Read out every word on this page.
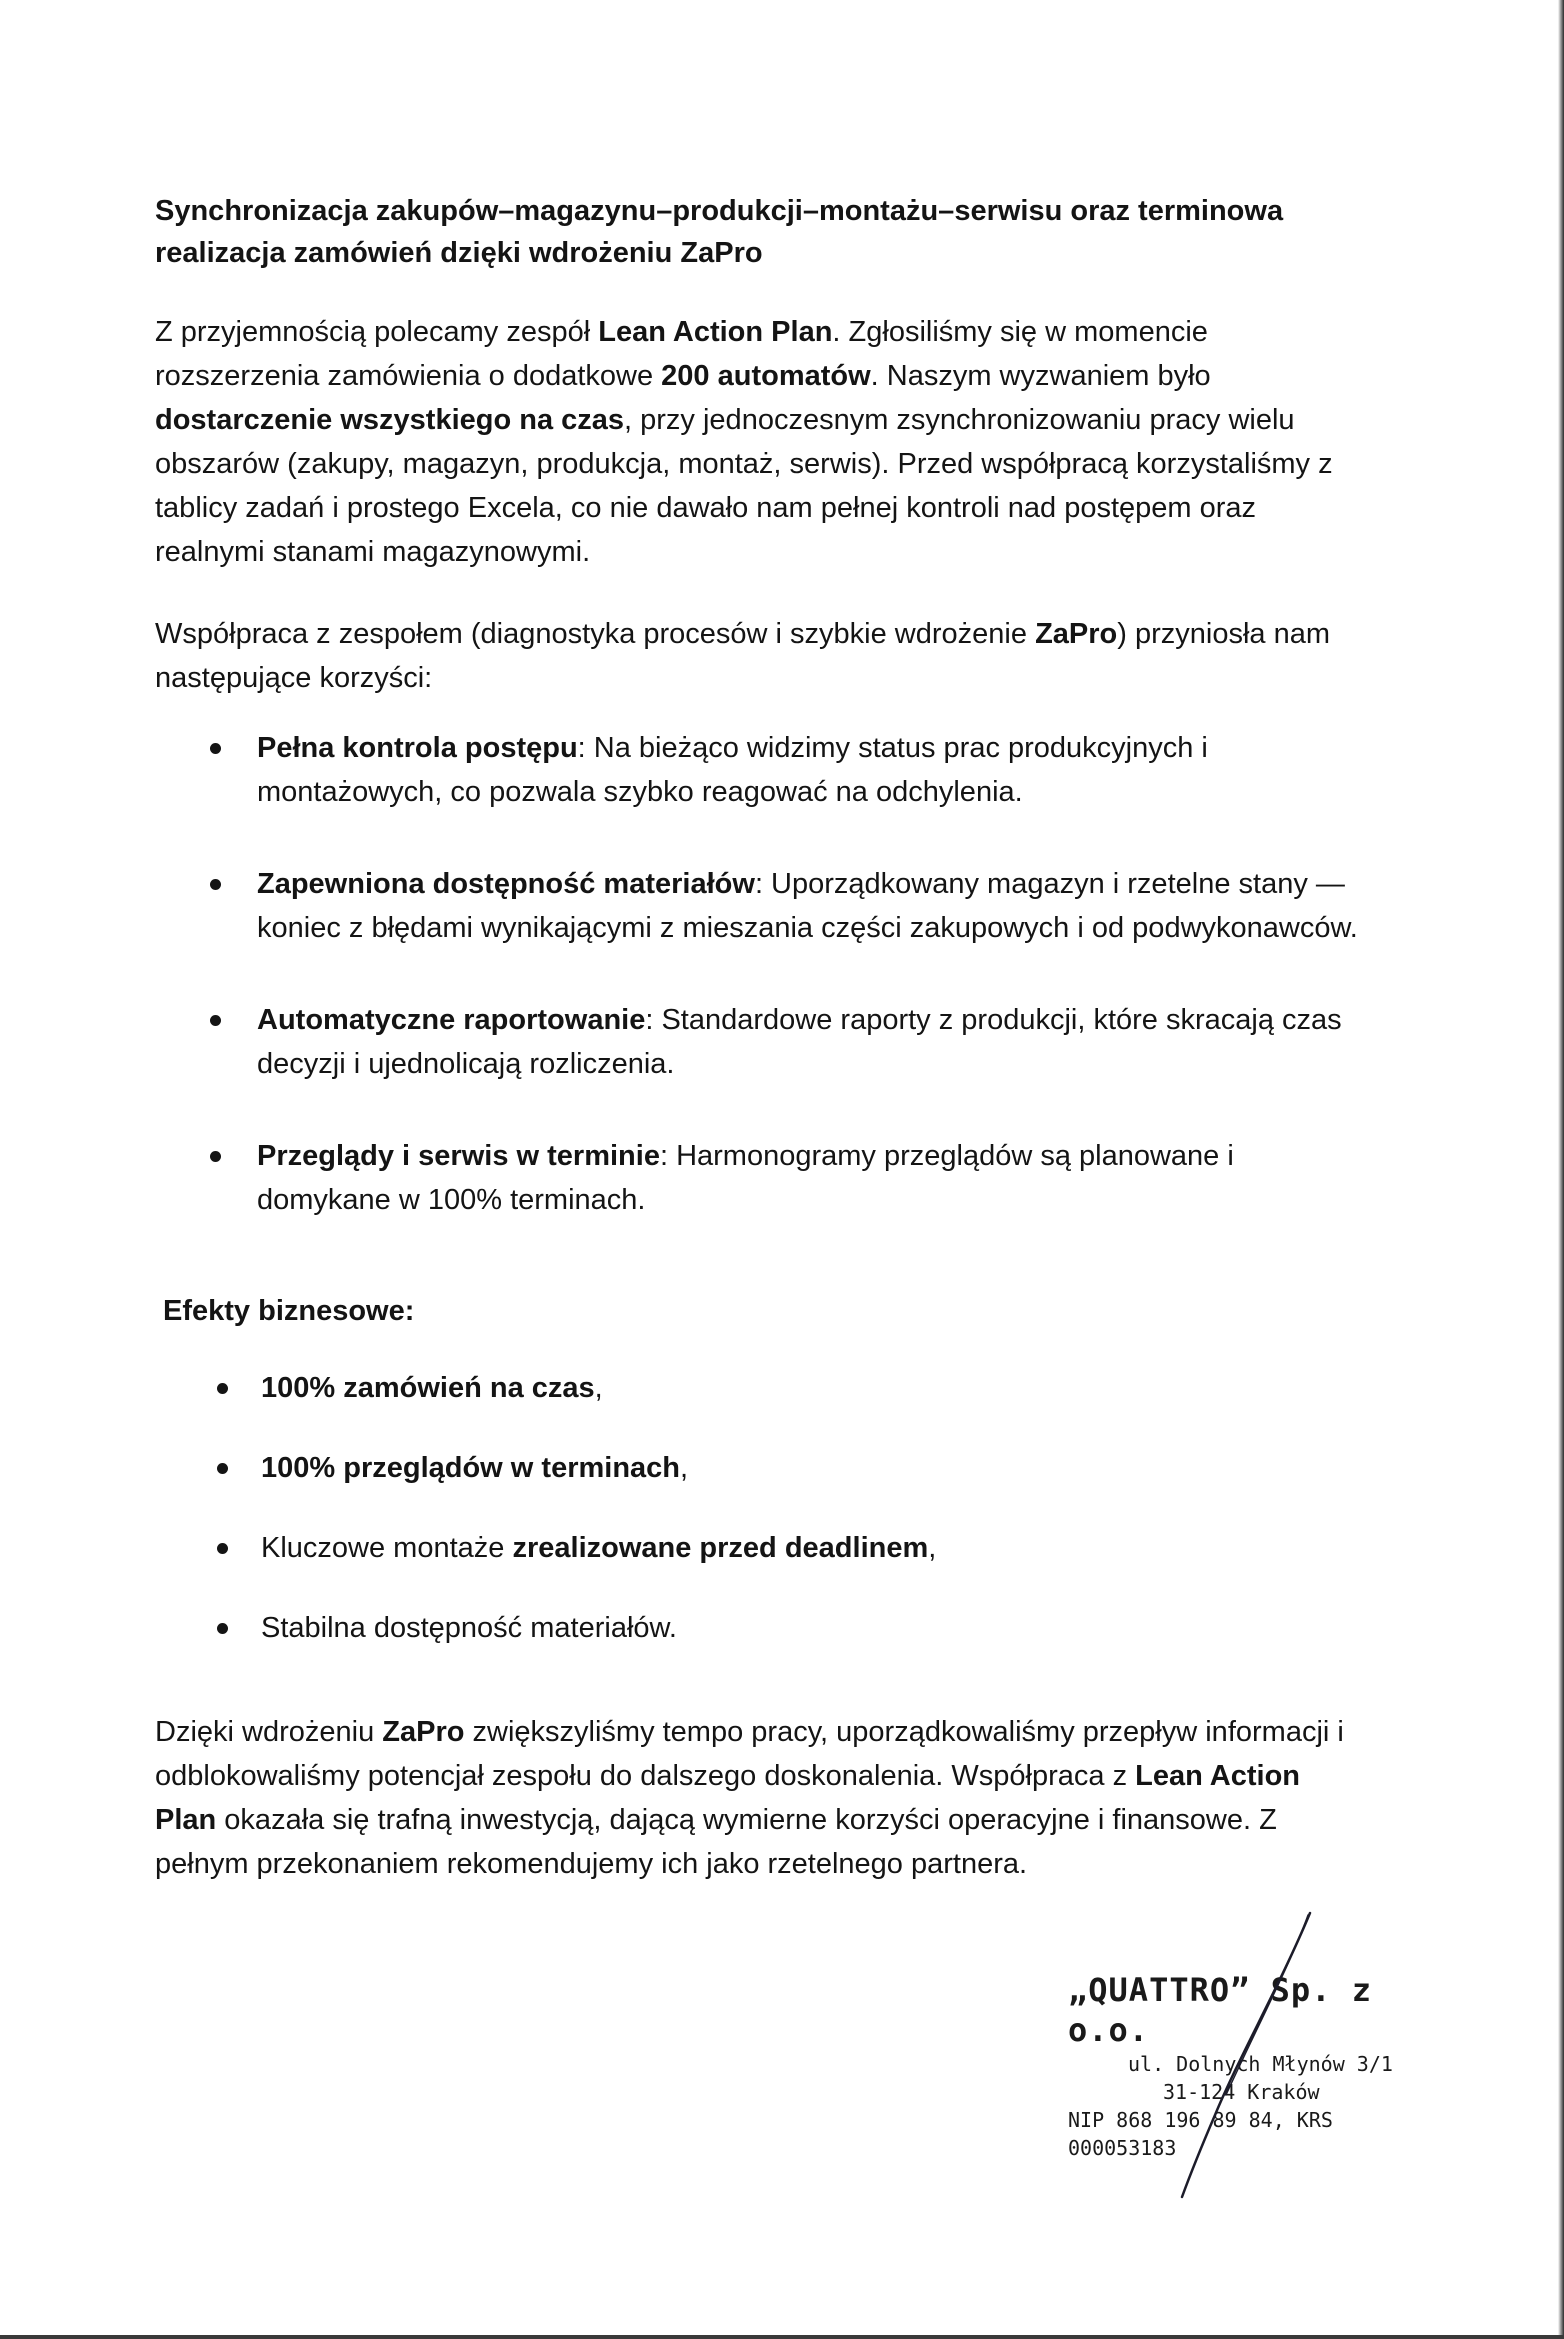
Synchronizacja zakupów–magazynu–produkcji–montażu–serwisu oraz terminowa realizacja zamówień dzięki wdrożeniu ZaPro

Z przyjemnością polecamy zespół Lean Action Plan. Zgłosiliśmy się w momencie rozszerzenia zamówienia o dodatkowe 200 automatów. Naszym wyzwaniem było dostarczenie wszystkiego na czas, przy jednoczesnym zsynchronizowaniu pracy wielu obszarów (zakupy, magazyn, produkcja, montaż, serwis). Przed współpracą korzystaliśmy z tablicy zadań i prostego Excela, co nie dawało nam pełnej kontroli nad postępem oraz realnymi stanami magazynowymi.

Współpraca z zespołem (diagnostyka procesów i szybkie wdrożenie ZaPro) przyniosła nam następujące korzyści:

Pełna kontrola postępu: Na bieżąco widzimy status prac produkcyjnych i montażowych, co pozwala szybko reagować na odchylenia.
Zapewniona dostępność materiałów: Uporządkowany magazyn i rzetelne stany — koniec z błędami wynikającymi z mieszania części zakupowych i od podwykonawców.
Automatyczne raportowanie: Standardowe raporty z produkcji, które skracają czas decyzji i ujednolicają rozliczenia.
Przeglądy i serwis w terminie: Harmonogramy przeglądów są planowane i domykane w 100% terminach.
Efekty biznesowe:
100% zamówień na czas,
100% przeglądów w terminach,
Kluczowe montaże zrealizowane przed deadlinem,
Stabilna dostępność materiałów.

Dzięki wdrożeniu ZaPro zwiększyliśmy tempo pracy, uporządkowaliśmy przepływ informacji i odblokowaliśmy potencjał zespołu do dalszego doskonalenia. Współpraca z Lean Action Plan okazała się trafną inwestycją, dającą wymierne korzyści operacyjne i finansowe. Z pełnym przekonaniem rekomendujemy ich jako rzetelnego partnera.

„QUATTRO” Sp. z o.o.
ul. Dolnych Młynów 3/1
31-124 Kraków
NIP 868 196 89 84, KRS 000053183
